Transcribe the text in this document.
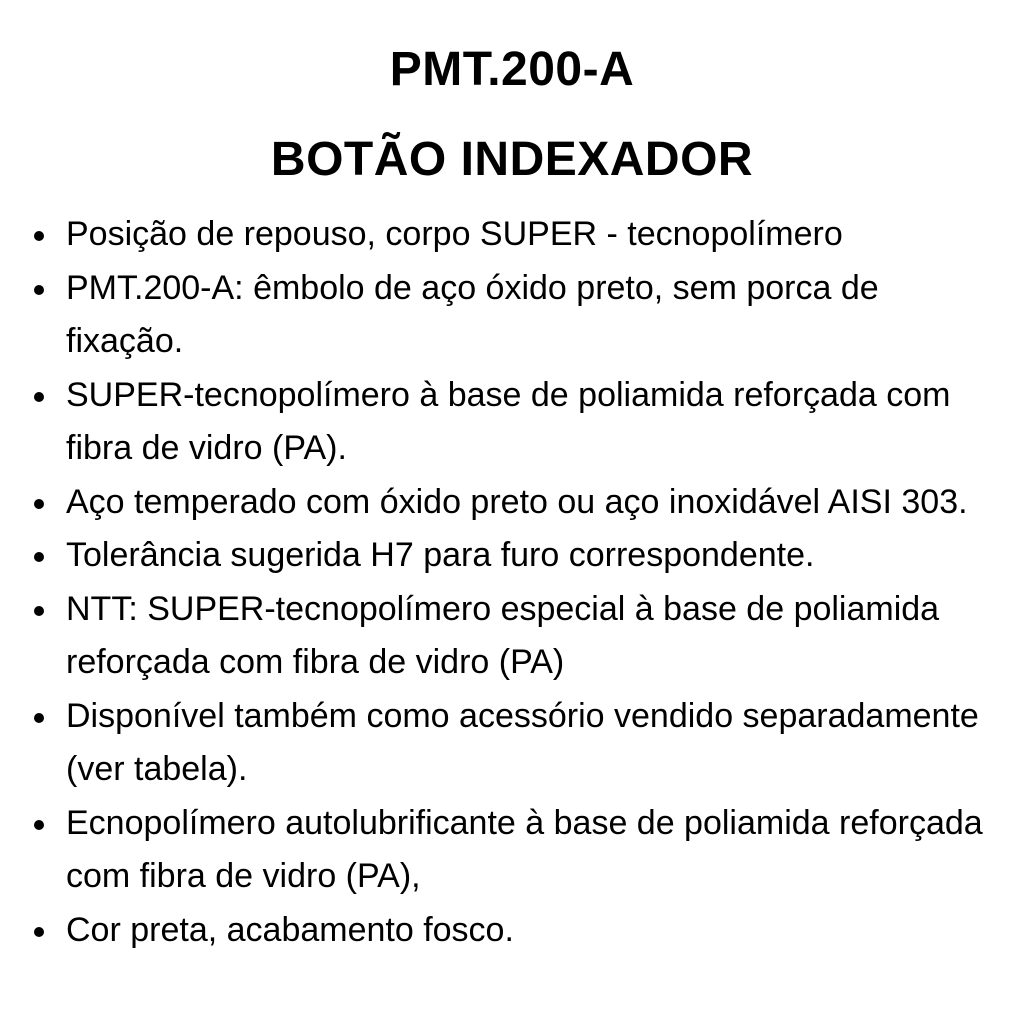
PMT.200-A
BOTÃO INDEXADOR
Posição de repouso, corpo SUPER - tecnopolímero
PMT.200-A: êmbolo de aço óxido preto, sem porca de fixação.
SUPER-tecnopolímero à base de poliamida reforçada com fibra de vidro (PA).
Aço temperado com óxido preto ou aço inoxidável AISI 303.
Tolerância sugerida H7 para furo correspondente.
NTT: SUPER-tecnopolímero especial à base de poliamida reforçada com fibra de vidro (PA)
Disponível também como acessório vendido separadamente (ver tabela).
Ecnopolímero autolubrificante à base de poliamida reforçada com fibra de vidro (PA),
Cor preta, acabamento fosco.
